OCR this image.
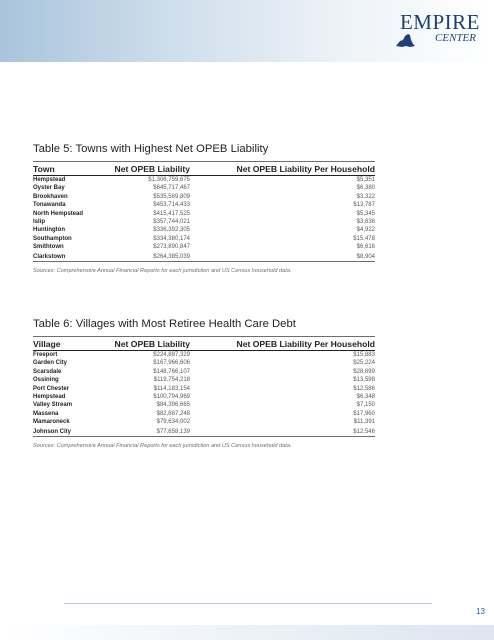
EMPIRE
CENTER
Table 5: Towns with Highest Net OPEB Liability
Town	Net OPEB Liability	Net OPEB Liability Per Household
Hempstead	$1,306,759,675	$5,351
Oyster Bay	$645,717,467	$6,380
Brookhaven	$535,569,809	$3,322
Tonawanda	$453,714,433	$13,787
North Hempstead	$415,417,525	$5,345
Islip	$357,744,021	$3,638
Huntington	$336,392,305	$4,922
Southampton	$334,380,174	$15,478
Smithtown	$273,890,847	$6,616
Clarkstown	$264,385,039	$8,904
Sources: Comprehensive Annual Financial Reports for each jurisdiction and US Census household data.
Table 6: Villages with Most Retiree Health Care Debt
Village	Net OPEB Liability	Net OPEB Liability Per Household
Freeport	$224,887,329	$15,883
Garden City	$167,966,606	$25,224
Scarsdale	$148,766,107	$28,699
Ossining	$119,754,218	$13,598
Port Chester	$114,183,154	$12,586
Hempstead	$100,794,969	$6,348
Valley Stream	$84,396,665	$7,150
Massena	$82,687,248	$17,960
Mamaroneck	$79,634,002	$11,391
Johnson City	$77,658,139	$12,546
Sources: Comprehensive Annual Financial Reports for each jurisdiction and US Census household data.
13
